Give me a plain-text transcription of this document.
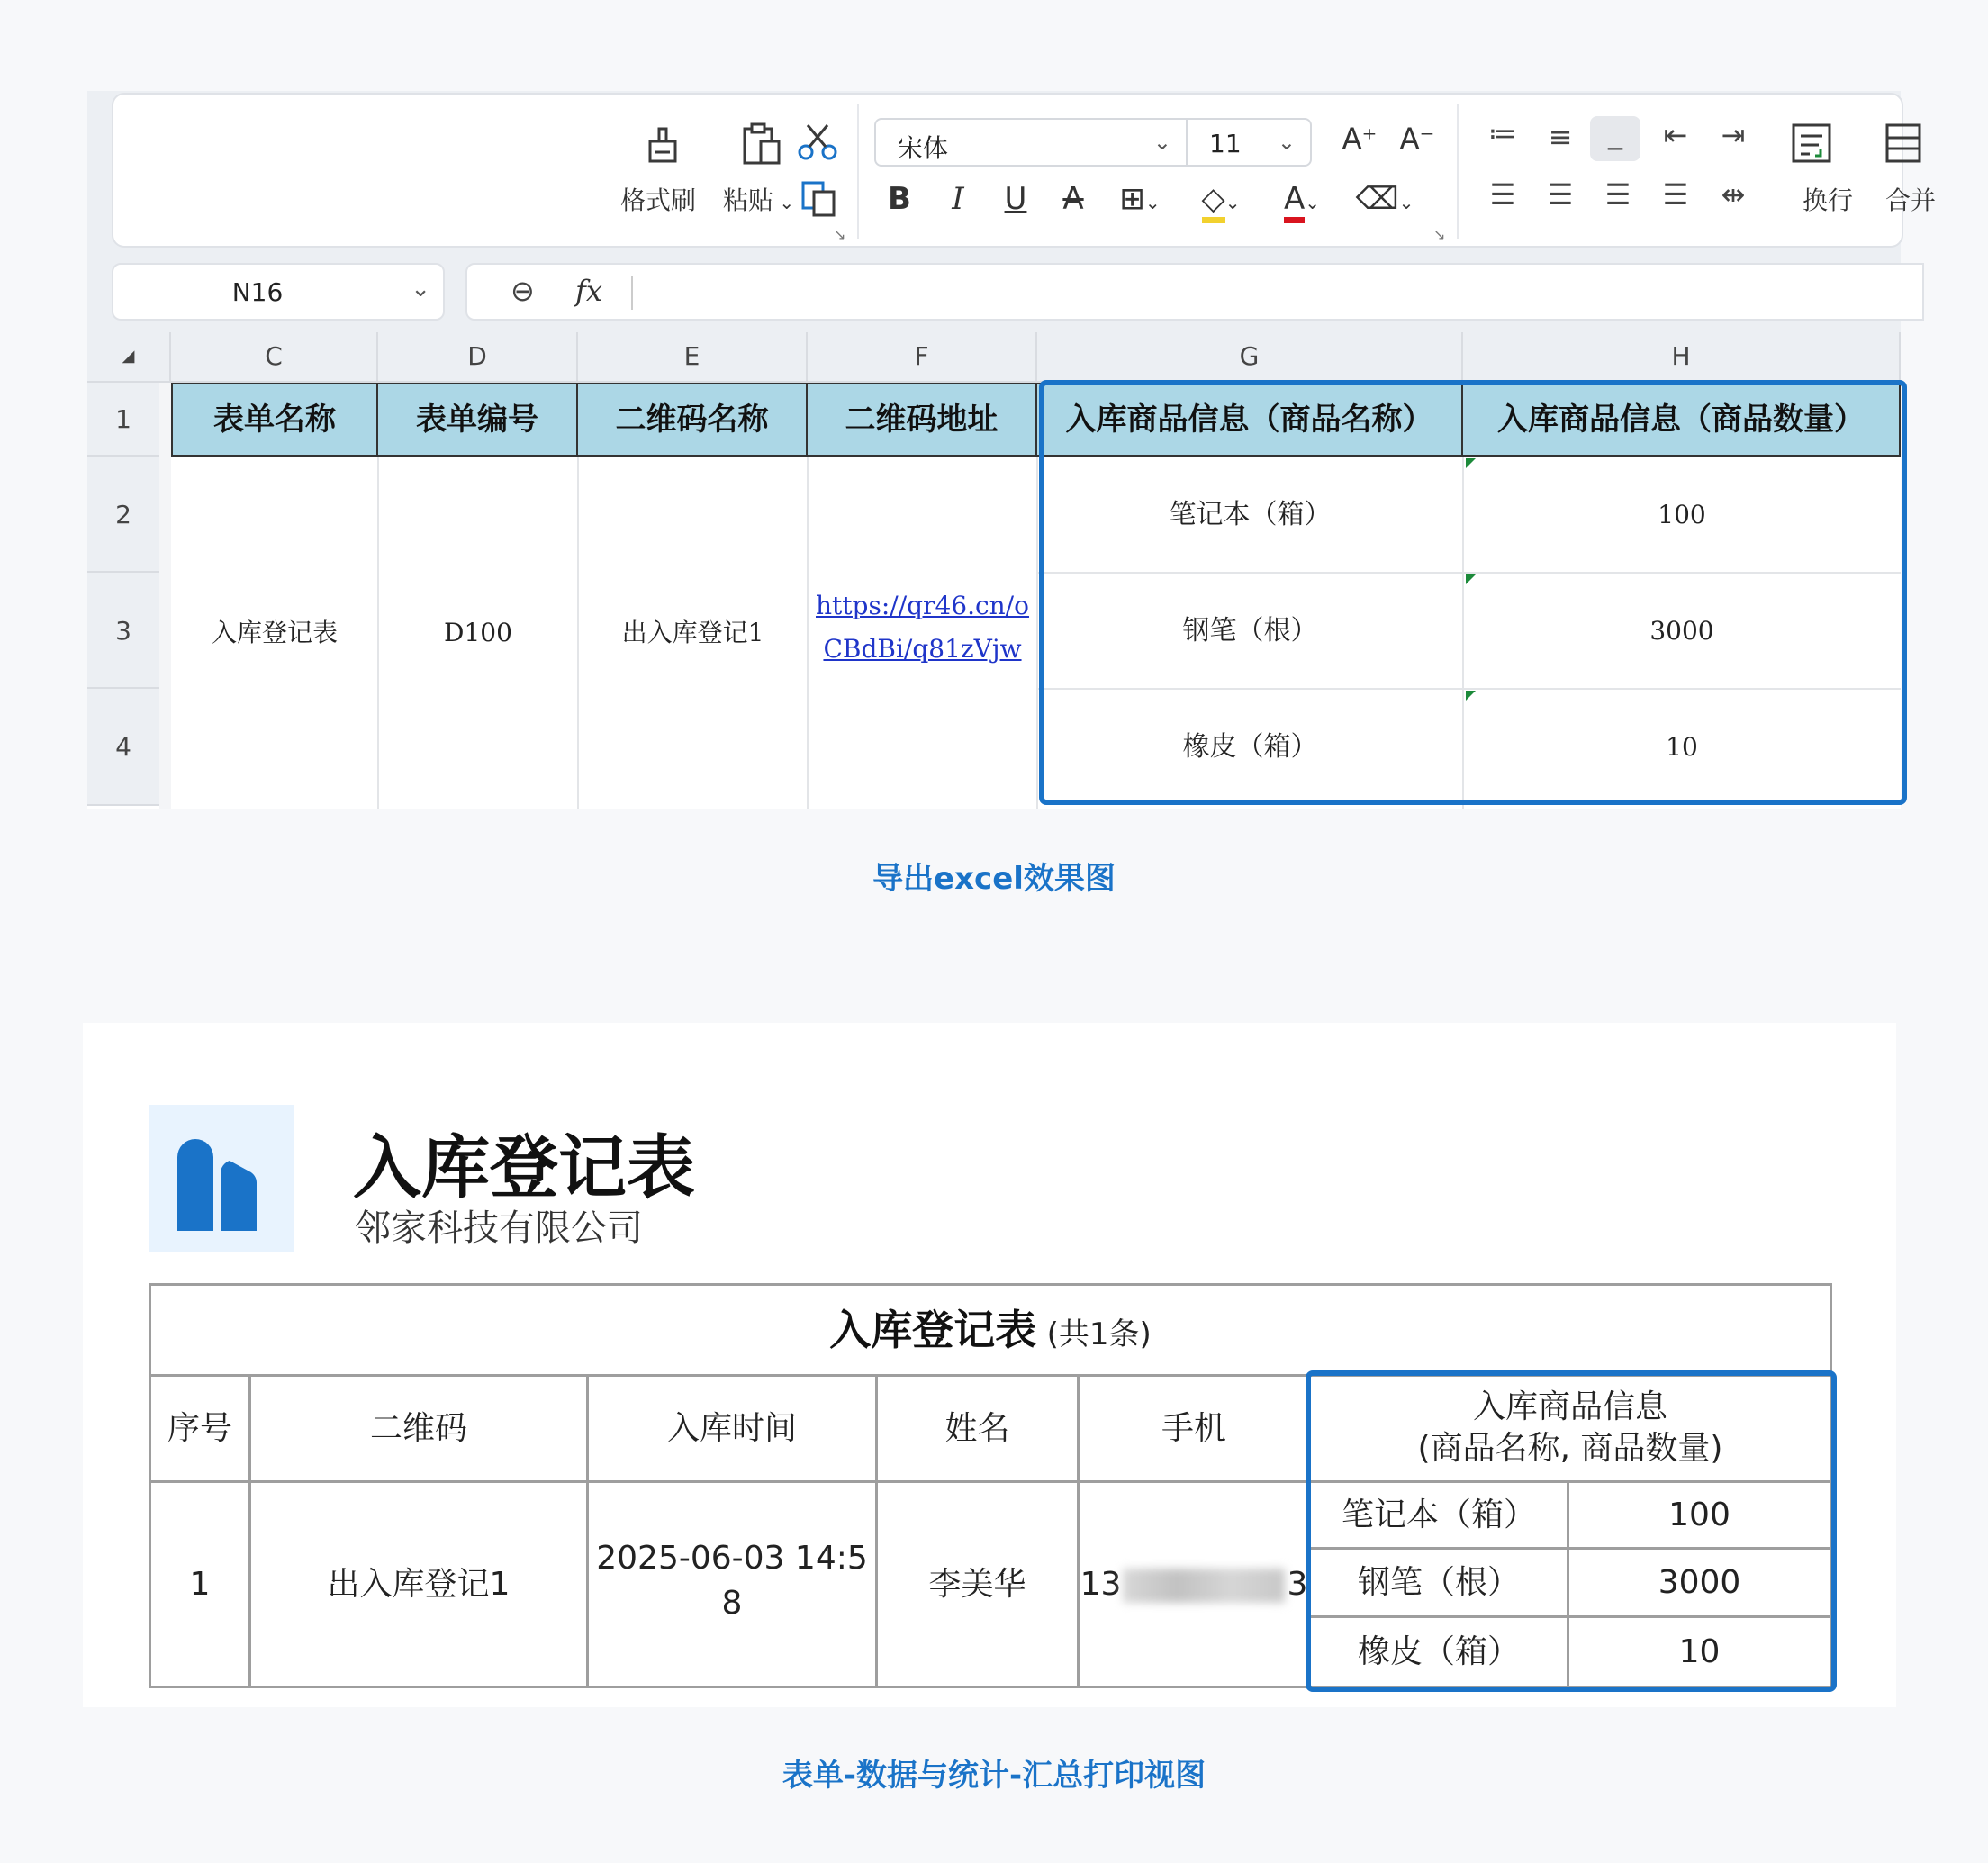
格式刷 粘贴 ⌄
↘
宋体	⌄ 11 ⌄ A⁺ A⁻
B	I	U	A	⊞⌄	◇⌄	A⌄	⌫⌄
↘
≔	≡	_	⇤	⇥
☰	☰	☰	☰	⇹	换行 合并
N16	⌄	⊖ fx
◢	C	D	E	F	G	H
1
2
3
4
表单名称	表单编号	二维码名称	二维码地址	入库商品信息（商品名称）	入库商品信息（商品数量）
入库登记表	D100	出入库登记1
https://qr46.cn/o
CBdBi/q81zVjw
笔记本（箱）	100
钢笔（根）	3000
橡皮（箱）	10
导出excel效果图
入库登记表
邻家科技有限公司
入库登记表 (共1条)
序号	二维码	入库时间	姓名	手机
入库商品信息
(商品名称, 商品数量)
1	出入库登记1
2025-06-03 14:5
8
李美华	13	3
笔记本（箱）	100
钢笔（根）	3000
橡皮（箱）	10
表单-数据与统计-汇总打印视图
